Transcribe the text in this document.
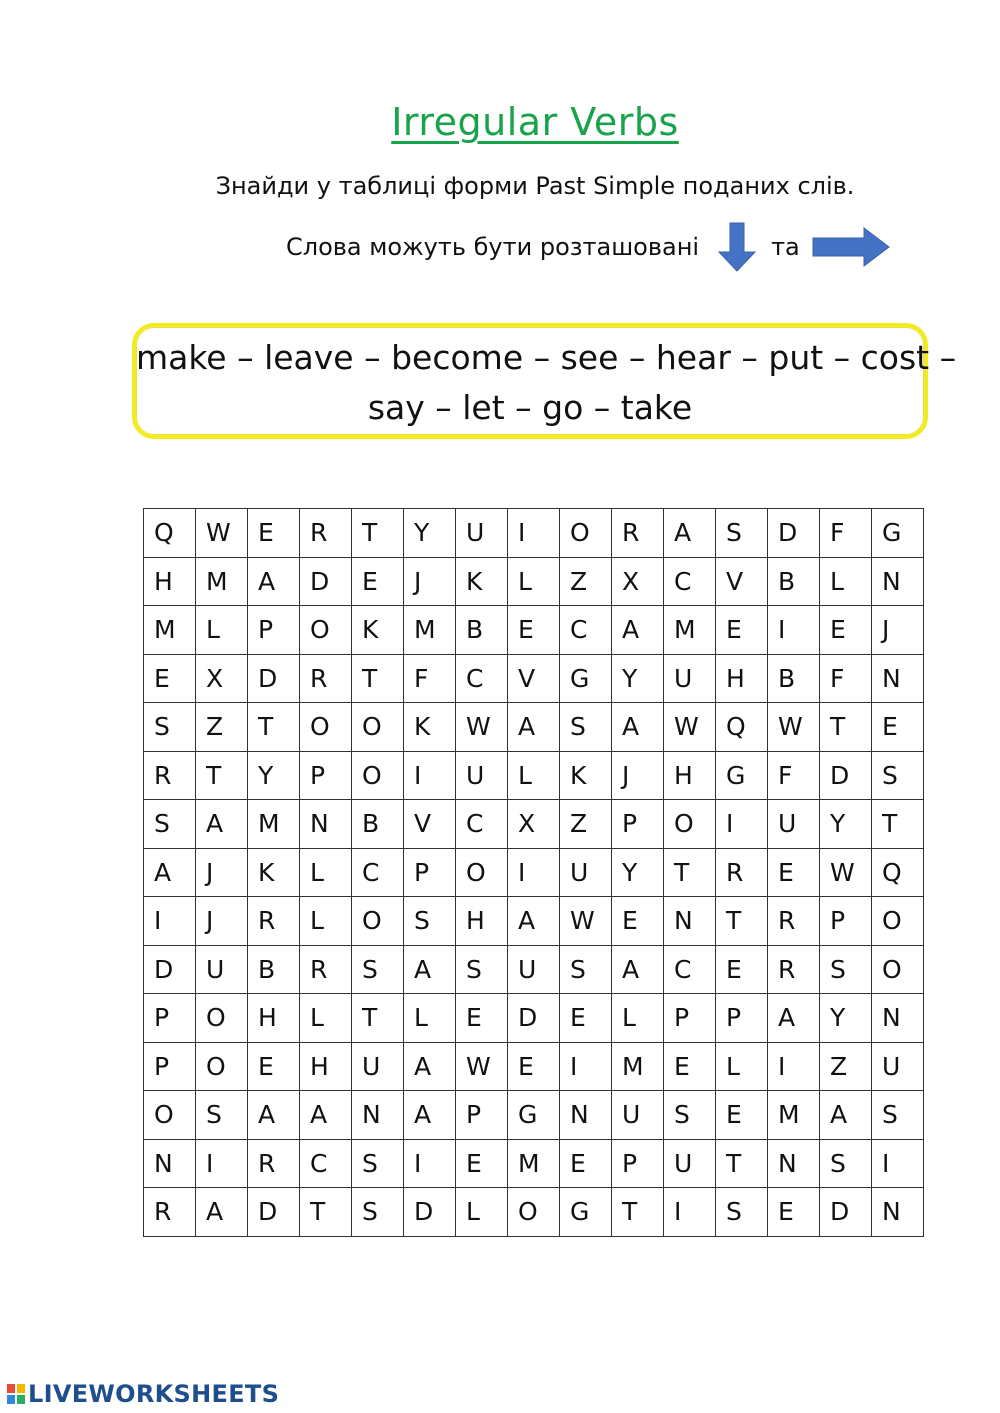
Irregular Verbs
Знайди у таблиці форми Past Simple поданих слів.
Слова можуть бути розташовані	та
make – leave – become – see – hear – put – cost –
say – let – go – take
Q	W	E	R	T	Y	U	I	O	R	A	S	D	F	G

H	M	A	D	E	J	K	L	Z	X	C	V	B	L	N

M	L	P	O	K	M	B	E	C	A	M	E	I	E	J

E	X	D	R	T	F	C	V	G	Y	U	H	B	F	N

S	Z	T	O	O	K	W	A	S	A	W	Q	W	T	E

R	T	Y	P	O	I	U	L	K	J	H	G	F	D	S

S	A	M	N	B	V	C	X	Z	P	O	I	U	Y	T

A	J	K	L	C	P	O	I	U	Y	T	R	E	W	Q

I	J	R	L	O	S	H	A	W	E	N	T	R	P	O

D	U	B	R	S	A	S	U	S	A	C	E	R	S	O

P	O	H	L	T	L	E	D	E	L	P	P	A	Y	N

P	O	E	H	U	A	W	E	I	M	E	L	I	Z	U

O	S	A	A	N	A	P	G	N	U	S	E	M	A	S

N	I	R	C	S	I	E	M	E	P	U	T	N	S	I

R	A	D	T	S	D	L	O	G	T	I	S	E	D	N
LIVEWORKSHEETS
